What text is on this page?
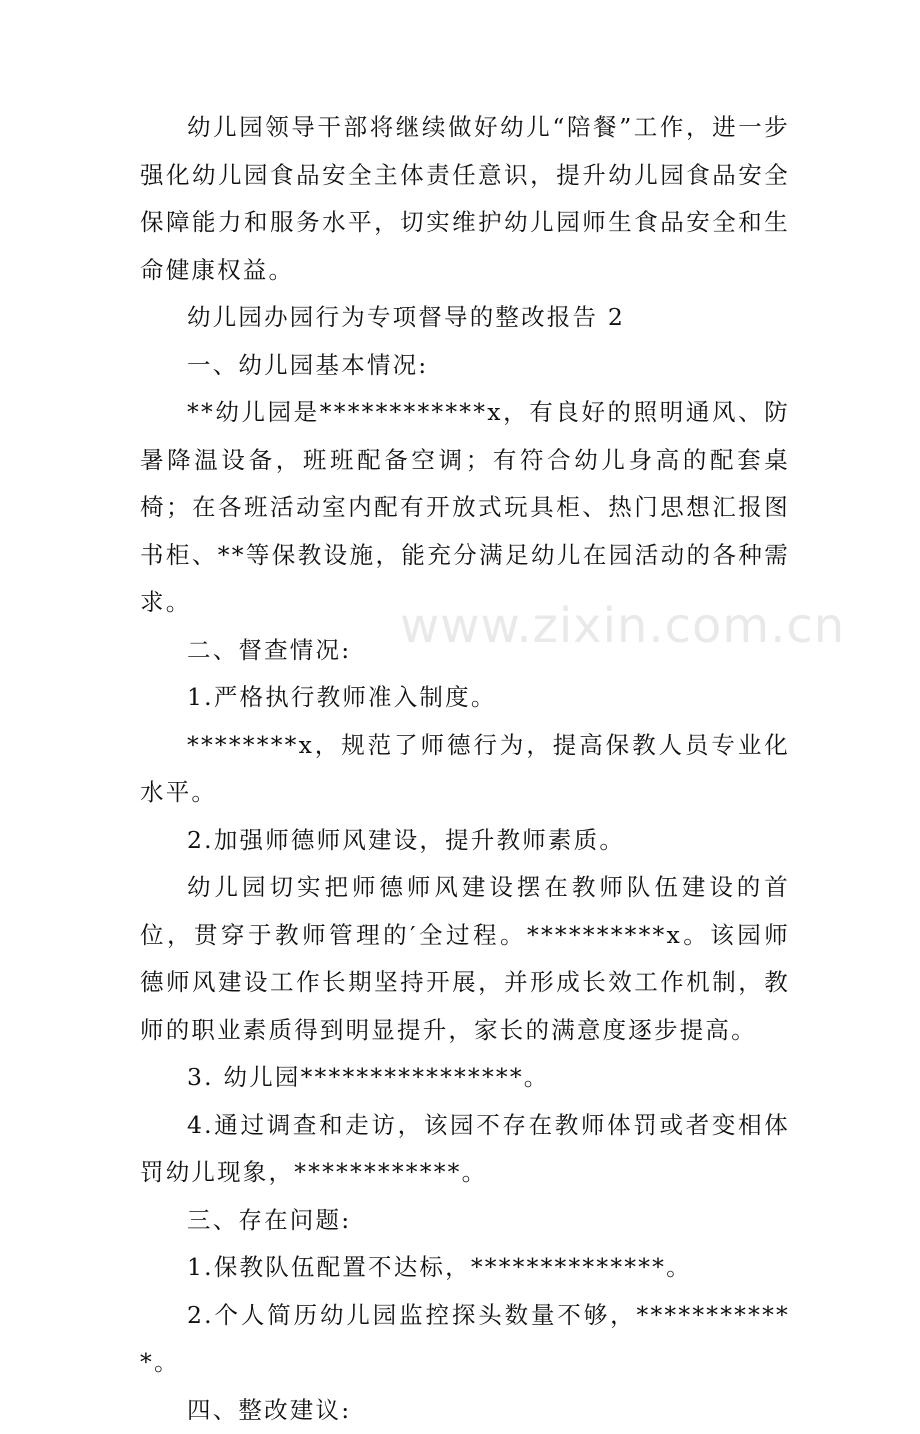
幼儿园领导干部将继续做好幼儿“陪餐”工作，进一步强化幼儿园食品安全主体责任意识，提升幼儿园食品安全保障能力和服务水平，切实维护幼儿园师生食品安全和生命健康权益。

幼儿园办园行为专项督导的整改报告 2

一、幼儿园基本情况:

**幼儿园是************x，有良好的照明通风、防暑降温设备，班班配备空调；有符合幼儿身高的配套桌椅；在各班活动室内配有开放式玩具柜、热门思想汇报图书柜、**等保教设施，能充分满足幼儿在园活动的各种需求。

二、督查情况:

1.严格执行教师准入制度。

********x，规范了师德行为，提高保教人员专业化水平。

2.加强师德师风建设，提升教师素质。

幼儿园切实把师德师风建设摆在教师队伍建设的首位，贯穿于教师管理的′全过程。**********x。该园师德师风建设工作长期坚持开展，并形成长效工作机制，教师的职业素质得到明显提升，家长的满意度逐步提高。

3. 幼儿园****************。

4.通过调查和走访，该园不存在教师体罚或者变相体罚幼儿现象，************。

三、存在问题:

1.保教队伍配置不达标，**************。

2.个人简历幼儿园监控探头数量不够，************。

四、整改建议:

www.zixin.com.cn
